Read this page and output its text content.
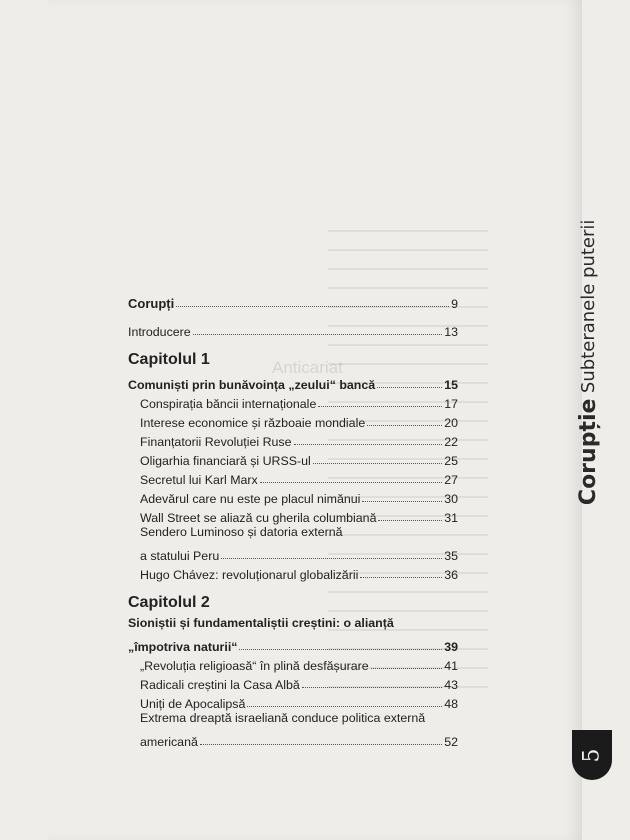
Anticariat
Corupție Subteranele puterii
5
Corupți	9
Introducere	13
Capitolul 1
Comuniști prin bunăvoința „zeului“ bancă	15
Conspirația băncii internaționale	17
Interese economice și războaie mondiale	20
Finanțatorii Revoluției Ruse	22
Oligarhia financiară și URSS-ul	25
Secretul lui Karl Marx	27
Adevărul care nu este pe placul nimănui	30
Wall Street se aliază cu gherila columbiană	31
Sendero Luminoso și datoria externă
a statului Peru	35
Hugo Chávez: revoluționarul globalizării	36
Capitolul 2
Sioniștii și fundamentaliștii creștini: o alianță
„împotriva naturii“	39
„Revoluția religioasă“ în plină desfășurare	41
Radicali creștini la Casa Albă	43
Uniți de Apocalipsă	48
Extrema dreaptă israeliană conduce politica externă
americană	52
